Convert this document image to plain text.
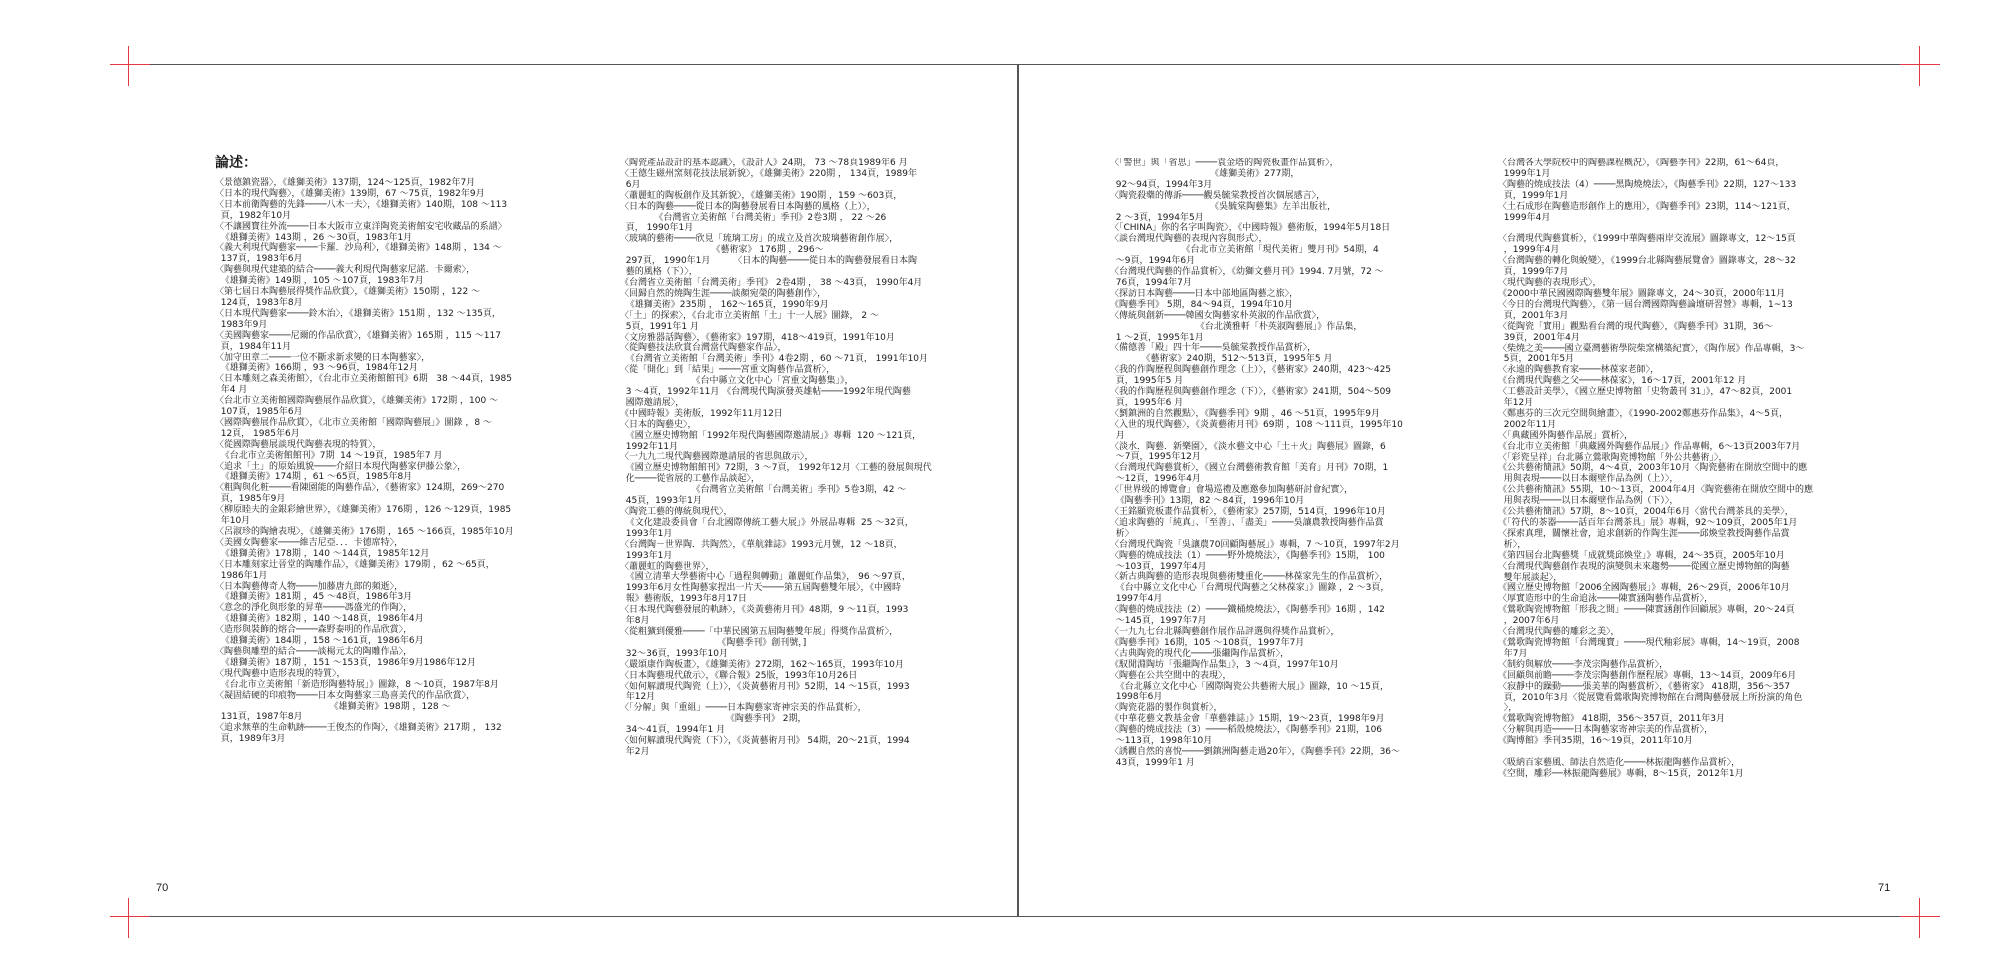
論述：
〈景德鎮瓷器〉，《雄獅美術》137期，124～125頁，1982年7月
〈日本的現代陶藝〉，《雄獅美術》139期，67 ～75頁，1982年9月
〈日本前衛陶藝的先鋒────八木一夫〉，《雄獅美術》140期，108 ～113
頁，1982年10月
〈不讓國寶往外流────日本大阪市立東洋陶瓷美術館安宅收藏品的系譜〉
《雄獅美術》143期 ，26 ～30頁，1983年1月
〈義大利現代陶藝家────卡羅．沙烏利〉，《雄獅美術》148期 ，134 ～
137頁，1983年6月
〈陶藝與現代建築的結合────義大利現代陶藝家尼諾．卡爾索〉，
《雄獅美術》149期 ，105 ～107頁，1983年7月
〈第七屆日本陶藝展得獎作品欣賞〉，《雄獅美術》150期 ，122 ～
124頁，1983年8月
〈日本現代陶藝家────鈴木治〉，《雄獅美術》151期 ，132 ～135頁，
1983年9月
〈美國陶藝家────尼爾的作品欣賞〉，《雄獅美術》165期 ，115 ～117
頁，1984年11月
〈加守田章二────一位不斷求新求變的日本陶藝家〉，
《雄獅美術》166期 ，93 ～96頁，1984年12月
〈日本雕刻之森美術館〉，《台北市立美術館館刊》6期   38 ～44頁，1985
年4 月
〈台北市立美術館國際陶藝展作品欣賞〉，《雄獅美術》172期 ，100 ～
107頁，1985年6月
〈國際陶藝展作品欣賞〉，《北市立美術館「國際陶藝展」》圖錄 ，8 ～
12頁， 1985年6月
〈從國際陶藝展談現代陶藝表現的特質〉，
《台北市立美術館館刊》7期  14 ～19頁，1985年7 月
〈追求「土」的原始風貌────介紹日本現代陶藝家伊藤公象〉，
《雄獅美術》174期 ，61 ～65頁，1985年8月
〈粗陶與化粧────看陳園能的陶藝作品〉，《藝術家》124期，269～270
頁，1985年9月
〈柳原睦夫的金銀彩繪世界〉，《雄獅美術》176期 ，126 ～129頁，1985
年10月
〈呂淑珍的陶繪表現〉，《雄獅美術》176期 ，165 ～166頁，1985年10月
〈美國女陶藝家────維吉尼亞．．．卡德席特〉，
《雄獅美術》178期 ，140 ～144頁，1985年12月
〈日本雕刻家辻晉堂的陶雕作品〉，《雄獅美術》179期 ，62 ～65頁，
1986年1月
〈日本陶藝傳奇人物────加藤唐九郎的頻逝〉，
《雄獅美術》181期 ，45 ～48頁，1986年3月
〈意念的淨化與形象的昇華────馮盛光的作陶〉，
《雄獅美術》182期 ，140 ～148頁，1986年4月
〈造形與裝飾的熔合────森野泰明的作品欣賞〉，
《雄獅美術》184期 ，158 ～161頁，1986年6月
〈陶藝與雕塑的結合────談楊元太的陶雕作品〉，
《雄獅美術》187期 ，151 ～153頁，1986年9月1986年12月
〈現代陶藝中造形表現的特質〉，
《台北市立美術館「新造形陶藝特展」》圖錄，8 ～10頁，1987年8月
〈凝固結硬的印痕物────日本女陶藝家三島喜美代的作品欣賞〉，
《雄獅美術》198期 ，128 ～
131頁，1987年8月
〈追求無華的生命軌跡────王俊杰的作陶〉，《雄獅美術》217期 ， 132
頁，1989年3月
〈陶瓷產品設計的基本認識〉，《設計人》24期， 73 ～78頁1989年6 月
〈王德生磁州窯刻花技法展新貌〉，《雄獅美術》220期 ， 134頁，1989年
6月
〈蕭麗虹的陶板創作及其新貌〉，《雄獅美術》190期 ，159 ～603頁，
〈日本的陶藝────從日本的陶藝發展看日本陶藝的風格（上）〉，
《台灣省立美術館「台灣美術」季刊》2卷3期 ， 22 ～26
頁， 1990年1月
〈玻璃的藝術────欣見「琉璃工房」的成立及首次玻璃藝術創作展〉，
《藝術家》 176期 ，296～
297頁， 1990年1月        〈日本的陶藝────從日本的陶藝發展看日本陶
藝的風格（下）〉，
《台灣省立美術館「台灣美術」季刊》 2卷4期 ， 38 ～43頁， 1990年4月
〈回歸自然的燒陶生涯────談顏宛榮的陶藝創作〉，
《雄獅美術》235期 ， 162～165頁，1990年9月
〈「土」的探索〉，《台北市立美術館「土」十一人展》圖錄， 2 ～
5頁，1991年1 月
〈文房雅器話陶藝〉，《藝術家》197期，418～419頁，1991年10月
〈從陶藝技法欣賞台灣當代陶藝家作品〉，
《台灣省立美術館「台灣美術」季刊》4卷2期 ，60 ～71頁， 1991年10月
〈從「開化」到「結果」────宮重文陶藝作品賞析〉，
《台中縣立文化中心「宮重文陶藝集」》，
3 ～4頁，1992年11月 《台灣現代陶演發英雄帖────1992年現代陶藝
國際邀請展〉，
《中國時報》美術版，1992年11月12日
〈日本的陶藝史〉，
《國立歷史博物館「1992年現代陶藝國際邀請展」》專輯  120 ～121頁，
1992年11月
〈一九九二現代陶藝國際邀請展的省思與啟示〉，
《國立歷史博物館館刊》72期，3 ～7頁， 1992年12月〈工藝的發展與現代
化────從省展的工藝作品談起〉，
《台灣省立美術館「台灣美術」季刊》5卷3期，42 ～
45頁，1993年1月
〈陶瓷工藝的傳統與現代〉，
《文化建設委員會「台北國際傳統工藝大展」》外展品專輯  25 ～32頁，
1993年1月
〈台灣陶－世界陶．共陶然〉，《華航雜誌》1993元月號，12 ～18頁，
1993年1月
〈蕭麗虹的陶藝世界〉，
《國立清華大學藝術中心「過程與轉動」蕭麗虹作品集》， 96 ～97頁，
1993年6月女性陶藝家捏出一片天────第五屆陶藝雙年展〉，《中國時
報》藝術版，1993年8月17日
〈日本現代陶藝發展的軌跡〉，《炎黃藝術月刊》48期，9 ～11頁，1993
年8月
〈從粗獷到優雅────「中華民國第五屆陶藝雙年展」得獎作品賞析〉，
《陶藝季刊》創刊號，]
32～36頁，1993年10月
〈嚴頌康作陶板畫〉，《雄獅美術》272期，162～165頁，1993年10月
〈日本陶藝現代啟示〉，《聯合報》25版，1993年10月26日
〈如何解讀現代陶瓷（上）〉，《炎黃藝術月刊》52期，14 ～15頁，1993
年12月
〈「分解」與「重組」────日本陶藝家寄神宗美的作品賞析〉，
《陶藝季刊》 2期，
34～41頁，1994年1 月
〈如何解讀現代陶瓷（下）〉，《炎黃藝術月刊》 54期，20～21頁，1994
年2月
〈「警世」與「省思」────袁金塔的陶瓷板畫作品賞析〉，
《雄獅美術》277期，
92～94頁，1994年3月
〈陶瓷殺藥的傳訴────觀吳毓棠教授首次個展感言〉，
《吳毓棠陶藝集》左羊出版社，
2 ～3頁，1994年5月
〈「CHINA」你的名字叫陶瓷〉，《中國時報》藝術版，1994年5月18日
〈談台灣現代陶藝的表現內容與形式〉，
《台北市立美術館「現代美術」雙月刊》54期，4
～9頁，1994年6月
〈台灣現代陶藝的作品賞析〉，《幼獅文藝月刊》1994. 7月號，72 ～
76頁，1994年7月
〈探訪日本陶藝────日本中部地區陶藝之旅〉，
《陶藝季刊》 5期，84～94頁，1994年10月
〈傳統與創新────韓國女陶藝家朴英淑的作品欣賞〉，
《台北漢雅軒「朴英淑陶藝展」》作品集，
1 ～2頁，1995年1月
〈備德善「殿」四十年────吳毓棠教授作品賞析〉，
《藝術家》240期，512～513頁，1995年5 月
〈我的作陶歷程與陶藝創作理念（上）〉，《藝術家》240期，423～425
頁，1995年5 月
〈我的作陶歷程與陶藝創作理念（下）〉，《藝術家》241期，504～509
頁，1995年6 月
〈劉鎮洲的自然觀點〉，《陶藝季刊》9期 ，46 ～51頁，1995年9月
〈入世的現代陶藝〉，《炎黃藝術月刊》69期 ，108 ～111頁，1995年10
月
〈淡水．陶藝．新樂園〉，《淡水藝文中心「土＋火」陶藝展》圖錄，6
～7頁，1995年12月
〈台灣現代陶藝賞析〉，《國立台灣藝術教育館「美育」月刊》70期，1
～12頁，1996年4月
〈「世界级的博覽會」會場巡禮及應邀參加陶藝研討會紀實〉，
《陶藝季刊》13期，82 ～84頁，1996年10月
〈王銘顯瓷板畫作品賞析〉，《藝術家》257期，514頁，1996年10月
〈追求陶藝的「純真」、「至善」、「盡美」────吳讓農教授陶藝作品賞
析〉
〈台灣現代陶瓷「吳讓農70回顧陶藝展」》專輯，7 ～10頁，1997年2月
〈陶藝的燒成技法（1）────野外燒燒法〉，《陶藝季刊》15期， 100
～103頁，1997年4月
〈新古典陶藝的造形表現與藝術雙重化────林葆家先生的作品賞析〉，
《台中縣立文化中心「台灣現代陶藝之父林葆家」》圖錄 ，2 ～3頁，
1997年4月
〈陶藝的燒成技法（2）────鐵桶燒燒法〉，《陶藝季刊》16期 ，142
～145頁，1997年7月
〈一九九七台北縣陶藝創作展作品評選與得獎作品賞析〉，
《陶藝季刊》16期，105 ～108頁，1997年7月
〈古典陶瓷的現代化────張繼陶作品賞析〉，
《馭閒淵陶坊「張繼陶作品集」》，3 ～4頁，1997年10月
〈陶藝在公共空間中的表現〉，
《台北縣立文化中心「國際陶瓷公共藝術大展」》圖錄，10 ～15頁，
1998年6月
〈陶瓷花器的製作與賞析〉，
《中華花藝文教基金會「華藝雜誌」》15期，19～23頁，1998年9月
〈陶藝的燒成技法（3）────稻殼燒燒法〉，《陶藝季刊》21期，106
～113頁，1998年10月
〈誘觀自然的喜悅────劉鎮洲陶藝走過20年〉，《陶藝季刊》22期，36～
43頁，1999年1 月
〈台灣各大學院校中的陶藝課程概況〉，《陶藝季刊》22期，61～64頁，
1999年1月
〈陶藝的燒成技法（4）────黑陶燒燒法〉，《陶藝季刊》22期，127～133
頁，1999年1月
〈土石成形在陶藝造形創作上的應用〉，《陶藝季刊》23期，114～121頁，
1999年4月
〈台灣現代陶藝賞析〉，《1999中華陶藝兩岸交流展》圖錄專文，12～15頁
，1999年4月
〈台灣陶藝的轉化與蛻變〉，《1999台北縣陶藝展覽會》圖錄專文，28～32
頁，1999年7月
〈現代陶藝的表現形式〉，
《2000中華民國國際陶藝雙年展》圖錄專文，24～30頁，2000年11月
〈今日的台灣現代陶藝〉，《第一屆台灣國際陶藝論壇研習營》專輯，1~13
頁，2001年3月
〈從陶瓷「實用」觀點看台灣的現代陶藝〉，《陶藝季刊》31期，36～
39頁，2001年4月
〈柴燒之美────國立臺灣藝術學院柴窯構築紀實〉，《陶作展》作品專輯，3～
5頁，2001年5月
〈永遠的陶藝教育家────林葆家老師〉，
《台灣現代陶藝之父────林葆家》，16～17頁，2001年12 月
〈工藝設計美學〉，《國立歷史博物館「史物叢刊 31」》，47～82頁，2001
年12月
〈鄭惠芬的三次元空間與繪畫〉，《1990-2002鄭惠芬作品集》，4～5頁，
2002年11月
〈「典藏國外陶藝作品展」賞析〉，
《台北市立美術館「典藏國外陶藝作品展」》作品專輯，6～13頁2003年7月
〈「彩瓷呈祥」台北縣立鶯歌陶瓷博物館「外公共藝術」〉，
《公共藝術簡訊》50期，4～4頁，2003年10月〈陶瓷藝術在開放空間中的應
用與表現────以日本爾壁作品為例（上）〉，
《公共藝術簡訊》55期，10～13頁，2004年4月〈陶瓷藝術在開放空間中的應
用與表現────以日本爾壁作品為例（下）〉，
《公共藝術簡訊》57期，8～10頁，2004年6月〈當代台灣茶具的美學〉，
《「符代的茶器────話百年台灣茶具」展》專輯，92～109頁，2005年1月
〈探索真理，關懷社會，追求創新的作陶生涯────邱煥堂教授陶藝作品賞
析〉，
《第四屆台北陶藝獎「成就獎邱煥堂」》專輯，24～35頁，2005年10月
〈台灣現代陶藝創作表現的演變與未來趨勢────從國立歷史博物館的陶藝
雙年展談起〉，
《國立歷史博物館「2006全國陶藝展」》專輯，26～29頁，2006年10月
〈厚實造形中的生命追泳────陳實涵陶藝作品賞析〉，
《鶯歌陶瓷博物館「形我之間」────陳實涵創作回顧展》專輯，20～24頁
，2007年6月
〈台灣現代陶藝的雕彩之美〉，
《鶯歌陶瓷博物館「台灣瑰寶」────現代釉彩展》專輯，14～19頁，2008
年7月
〈制約與解放────李茂宗陶藝作品賞析〉，
《回顧與前瞻────李茂宗陶藝創作歷程展》專輯，13～14頁，2009年6月
〈寂靜中的躁動────張美華的陶藝賞析〉，《藝術家》 418期，356～357
頁，2010年3月〈從展覽看鶯歌陶瓷博物館在台灣陶藝發展上所扮演的角色
〉，
《鶯歌陶瓷博物館》 418期，356～357頁，2011年3月
〈分解與再造────日本陶藝家寄神宗美的作品賞析〉，
《陶博館》季刊35期，16～19頁，2011年10月
〈吸納百家藝風、師法自然造化────林振龍陶藝作品賞析〉，
《空間，雕彩──林振龍陶藝展》專輯，8～15頁，2012年1月
70	71
